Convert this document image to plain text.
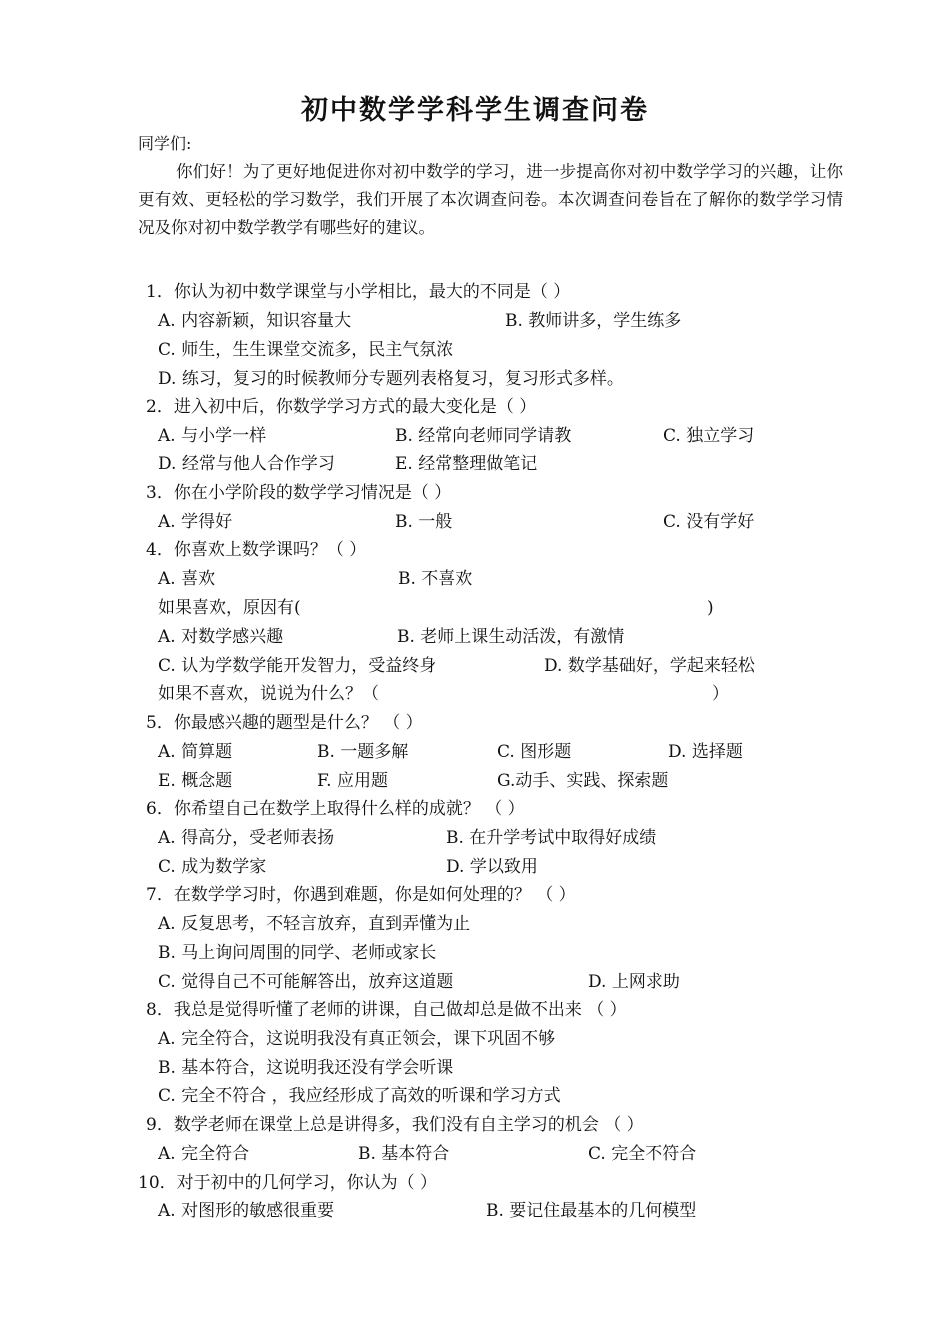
初中数学学科学生调查问卷
同学们:
你们好！为了更好地促进你对初中数学的学习，进一步提高你对初中数学学习的兴趣，让你更有效、更轻松的学习数学，我们开展了本次调查问卷。本次调查问卷旨在了解你的数学学习情况及你对初中数学教学有哪些好的建议。
1．你认为初中数学课堂与小学相比，最大的不同是（ ）
A. 内容新颖，知识容量大	B. 教师讲多，学生练多
C. 师生，生生课堂交流多，民主气氛浓
D. 练习，复习的时候教师分专题列表格复习，复习形式多样。
2．进入初中后，你数学学习方式的最大变化是（ ）
A. 与小学一样	B. 经常向老师同学请教	C. 独立学习
D. 经常与他人合作学习	E. 经常整理做笔记
3．你在小学阶段的数学学习情况是（ ）
A. 学得好	B. 一般	C. 没有学好
4．你喜欢上数学课吗？（ ）
A. 喜欢	B. 不喜欢
如果喜欢，原因有(	)
A. 对数学感兴趣	B. 老师上课生动活泼，有激情
C. 认为学数学能开发智力，受益终身	D. 数学基础好，学起来轻松
如果不喜欢，说说为什么？（	）
5．你最感兴趣的题型是什么？ （ ）
A. 简算题	B. 一题多解	C. 图形题	D. 选择题
E. 概念题	F. 应用题	G.动手、实践、探索题
6．你希望自己在数学上取得什么样的成就？ （ ）
A. 得高分，受老师表扬	B. 在升学考试中取得好成绩
C. 成为数学家	D. 学以致用
7．在数学学习时，你遇到难题，你是如何处理的？ （ ）
A. 反复思考，不轻言放弃，直到弄懂为止
B. 马上询问周围的同学、老师或家长
C. 觉得自己不可能解答出，放弃这道题	D. 上网求助
8．我总是觉得听懂了老师的讲课，自己做却总是做不出来 （ ）
A. 完全符合，这说明我没有真正领会，课下巩固不够
B. 基本符合，这说明我还没有学会听课
C. 完全不符合 ，我应经形成了高效的听课和学习方式
9．数学老师在课堂上总是讲得多，我们没有自主学习的机会 （ ）
A. 完全符合	B. 基本符合	C. 完全不符合
10．对于初中的几何学习，你认为（ ）
A. 对图形的敏感很重要	B. 要记住最基本的几何模型
